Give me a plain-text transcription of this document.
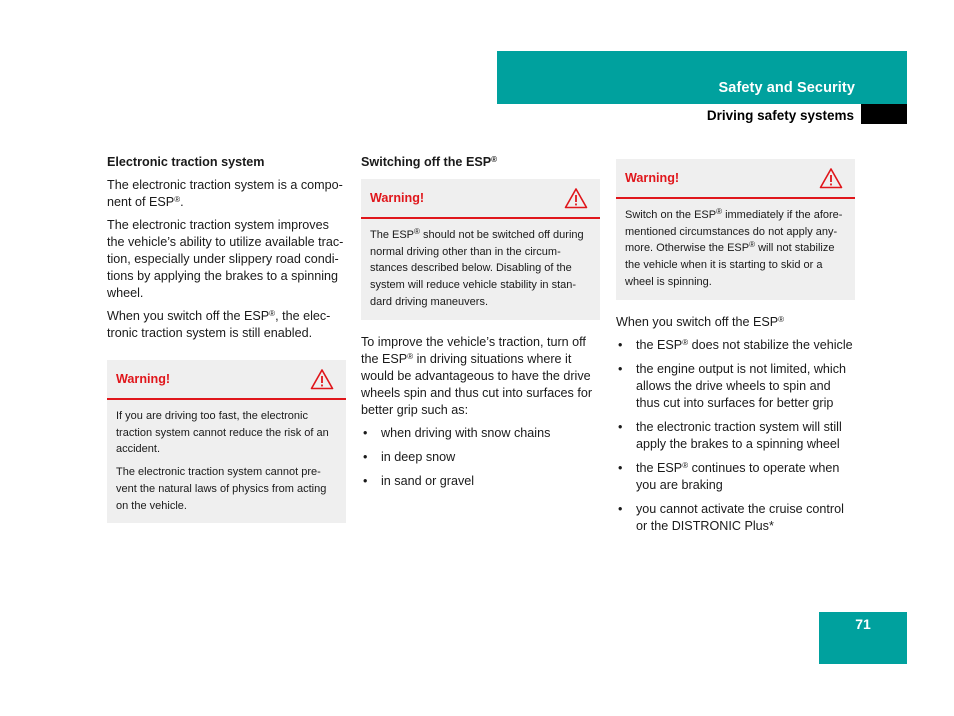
Safety and Security
Driving safety systems
Electronic traction system

The electronic traction system is a compo-nent of ESP®.

The electronic traction system improves the vehicle’s ability to utilize available trac-tion, especially under slippery road condi-tions by applying the brakes to a spinning wheel.

When you switch off the ESP®, the elec-tronic traction system is still enabled.

Warning!

If you are driving too fast, the electronic traction system cannot reduce the risk of an accident.

The electronic traction system cannot pre-vent the natural laws of physics from acting on the vehicle.

Switching off the ESP®
Warning!

The ESP® should not be switched off during normal driving other than in the circum-stances described below. Disabling of the system will reduce vehicle stability in stan-dard driving maneuvers.

To improve the vehicle’s traction, turn off the ESP® in driving situations where it would be advantageous to have the drive wheels spin and thus cut into surfaces for better grip such as:

• when driving with snow chains
• in deep snow
• in sand or gravel
Warning!

Switch on the ESP® immediately if the afore-mentioned circumstances do not apply any-more. Otherwise the ESP® will not stabilize the vehicle when it is starting to skid or a wheel is spinning.

When you switch off the ESP®

• the ESP® does not stabilize the vehicle
• the engine output is not limited, which allows the drive wheels to spin and thus cut into surfaces for better grip
• the electronic traction system will still apply the brakes to a spinning wheel
• the ESP® continues to operate when you are braking
• you cannot activate the cruise control or the DISTRONIC Plus*
71
